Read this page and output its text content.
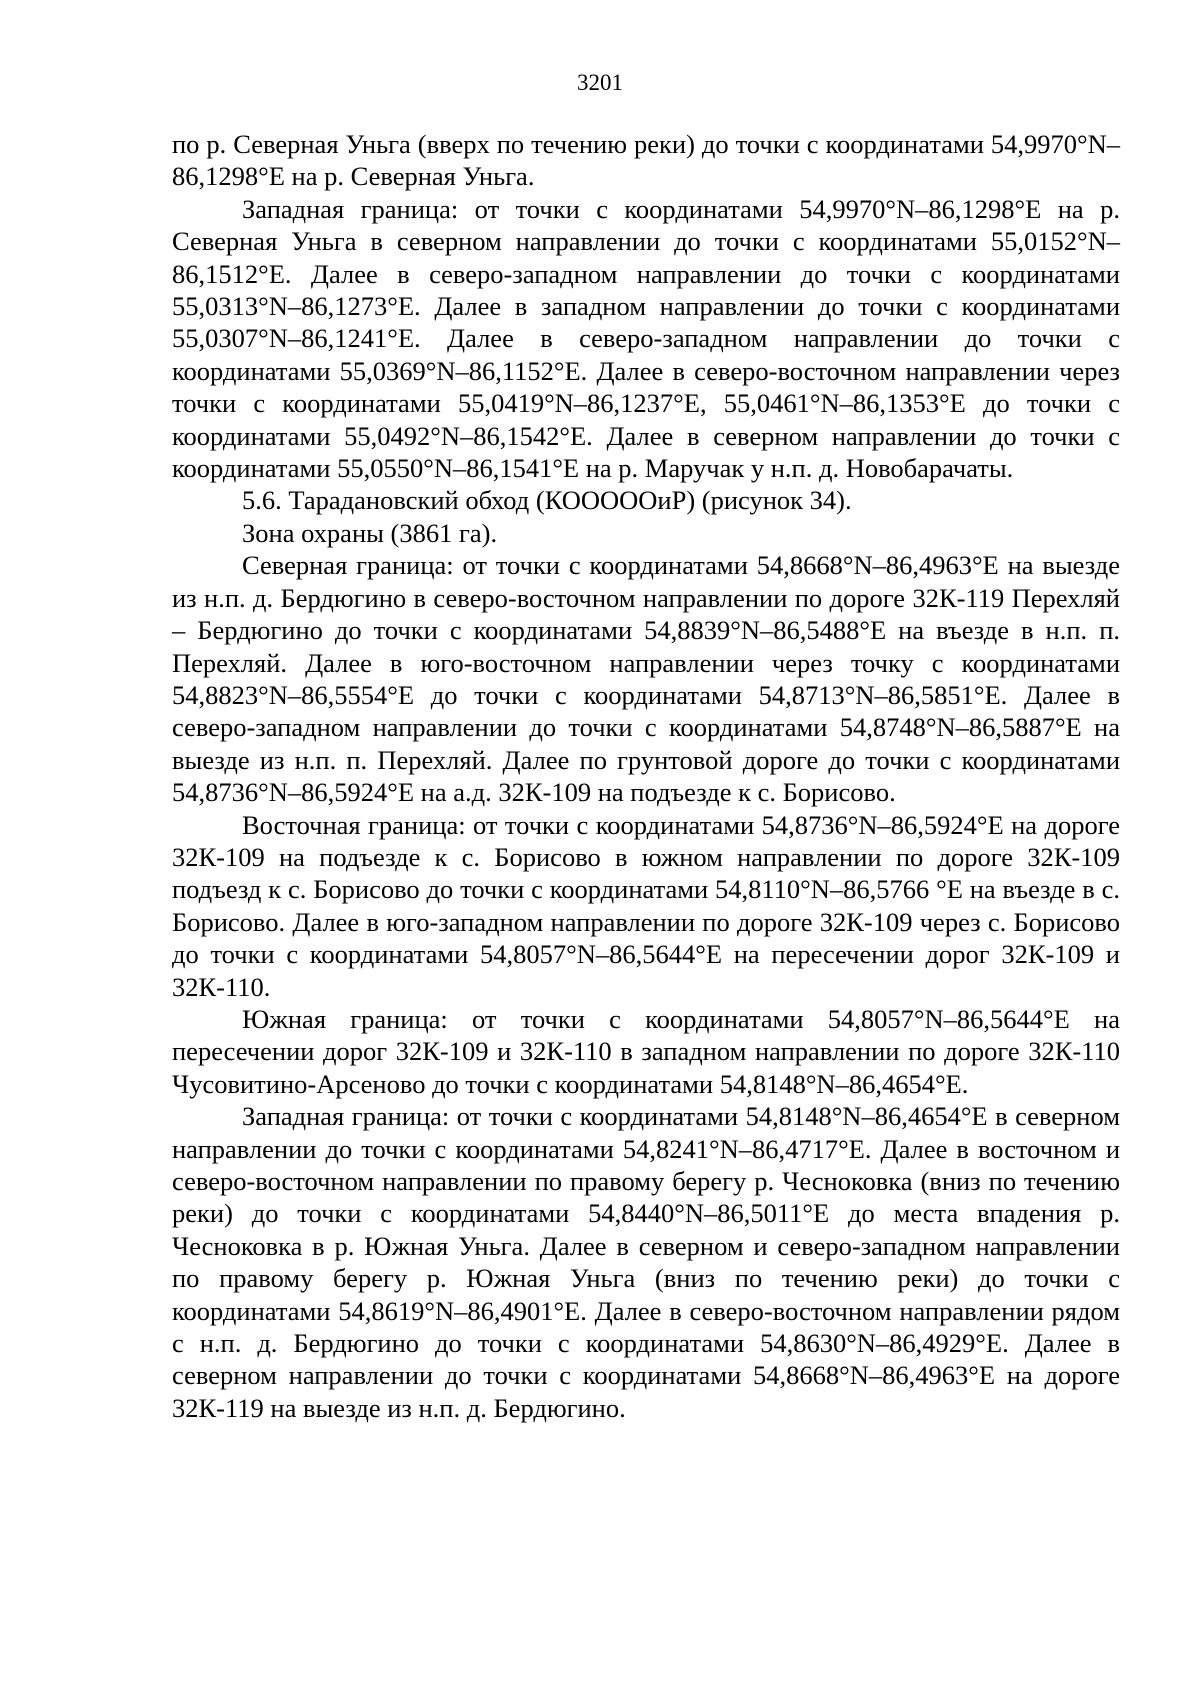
3201

по р. Северная Уньга (вверх по течению реки) до точки с координатами 54,9970°N–86,1298°E на р. Северная Уньга.

Западная граница: от точки с координатами 54,9970°N–86,1298°E на р. Северная Уньга в северном направлении до точки с координатами 55,0152°N–86,1512°E. Далее в северо-западном направлении до точки с координатами 55,0313°N–86,1273°E. Далее в западном направлении до точки с координатами 55,0307°N–86,1241°E. Далее в северо-западном направлении до точки с координатами 55,0369°N–86,1152°E. Далее в северо-восточном направлении через точки с координатами 55,0419°N–86,1237°E, 55,0461°N–86,1353°E до точки с координатами 55,0492°N–86,1542°E. Далее в северном направлении до точки с координатами 55,0550°N–86,1541°E на р. Маручак у н.п. д. Новобарачаты.

5.6. Тарадановский обход (КОООООиР) (рисунок 34).

Зона охраны (3861 га).

Северная граница: от точки с координатами 54,8668°N–86,4963°E на выезде из н.п. д. Бердюгино в северо-восточном направлении по дороге 32К-119 Перехляй – Бердюгино до точки с координатами 54,8839°N–86,5488°E на въезде в н.п. п. Перехляй. Далее в юго-восточном направлении через точку с координатами 54,8823°N–86,5554°E до точки с координатами 54,8713°N–86,5851°E. Далее в северо-западном направлении до точки с координатами 54,8748°N–86,5887°E на выезде из н.п. п. Перехляй. Далее по грунтовой дороге до точки с координатами 54,8736°N–86,5924°E на а.д. 32К-109 на подъезде к с. Борисово.

Восточная граница: от точки с координатами 54,8736°N–86,5924°E на дороге 32К-109 на подъезде к с. Борисово в южном направлении по дороге 32К-109 подъезд к с. Борисово до точки с координатами 54,8110°N–86,5766 °E на въезде в с. Борисово. Далее в юго-западном направлении по дороге 32К-109 через с. Борисово до точки с координатами 54,8057°N–86,5644°E на пересечении дорог 32К-109 и 32К-110.

Южная граница: от точки с координатами 54,8057°N–86,5644°E на пересечении дорог 32К-109 и 32К-110 в западном направлении по дороге 32К-110 Чусовитино-Арсеново до точки с координатами 54,8148°N–86,4654°E.

Западная граница: от точки с координатами 54,8148°N–86,4654°E в северном направлении до точки с координатами 54,8241°N–86,4717°E. Далее в восточном и северо-восточном направлении по правому берегу р. Чесноковка (вниз по течению реки) до точки с координатами 54,8440°N–86,5011°E до места впадения р. Чесноковка в р. Южная Уньга. Далее в северном и северо-западном направлении по правому берегу р. Южная Уньга (вниз по течению реки) до точки с координатами 54,8619°N–86,4901°E. Далее в северо-восточном направлении рядом с н.п. д. Бердюгино до точки с координатами 54,8630°N–86,4929°E. Далее в северном направлении до точки с координатами 54,8668°N–86,4963°E на дороге 32К-119 на выезде из н.п. д. Бердюгино.
